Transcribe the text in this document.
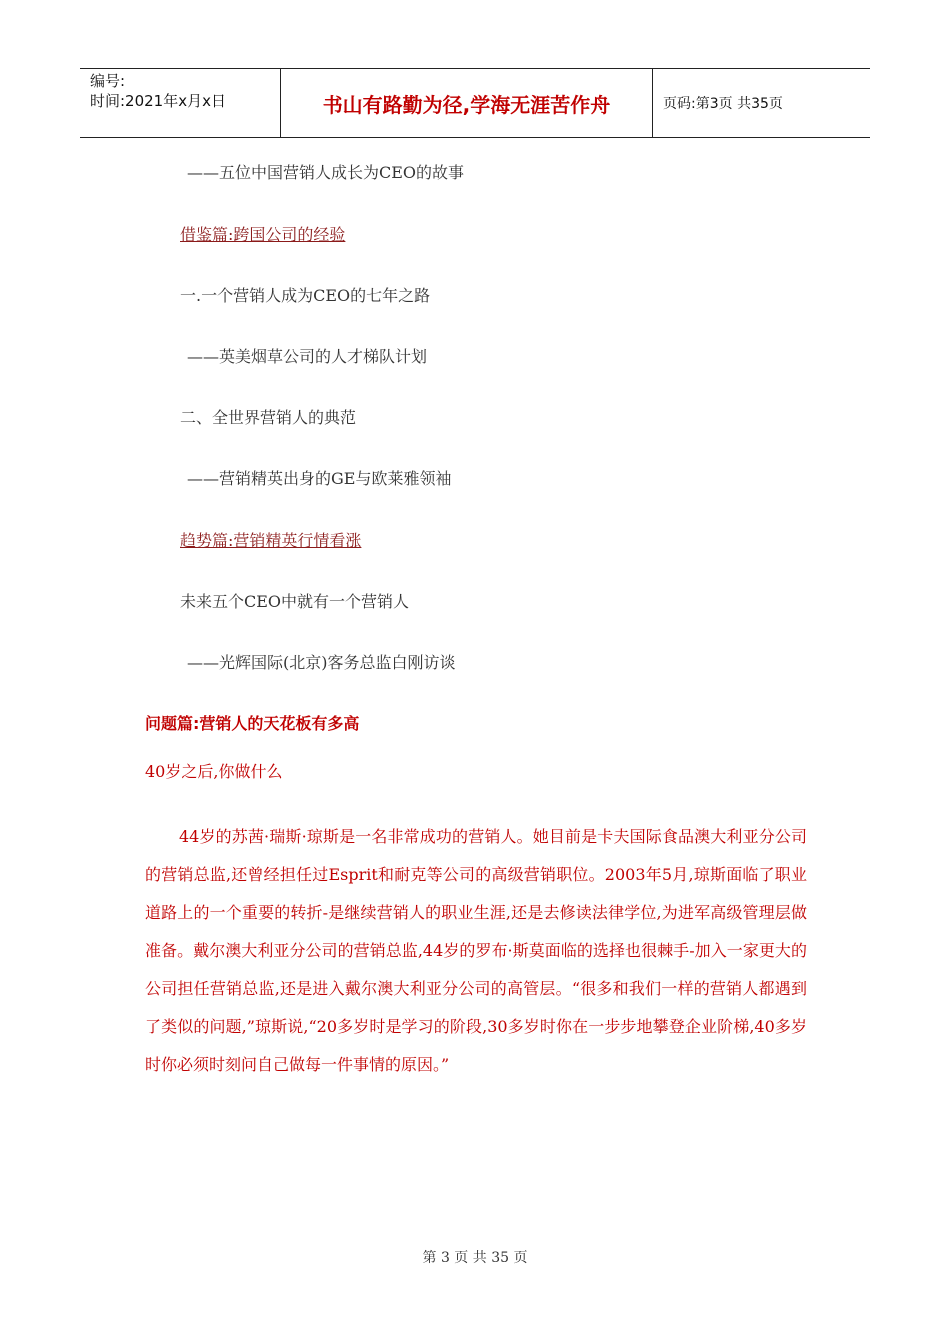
编号:
时间:2021年x月x日	书山有路勤为径,学海无涯苦作舟	页码:第3页 共35页
——五位中国营销人成长为CEO的故事
借鉴篇:跨国公司的经验
一.一个营销人成为CEO的七年之路
——英美烟草公司的人才梯队计划
二、全世界营销人的典范
——营销精英出身的GE与欧莱雅领袖
趋势篇:营销精英行情看涨
未来五个CEO中就有一个营销人
——光辉国际(北京)客务总监白刚访谈
问题篇:营销人的天花板有多高
40岁之后,你做什么
44岁的苏茜·瑞斯·琼斯是一名非常成功的营销人。她目前是卡夫国际食品澳大利亚分公司的营销总监,还曾经担任过Esprit和耐克等公司的高级营销职位。2003年5月,琼斯面临了职业道路上的一个重要的转折-是继续营销人的职业生涯,还是去修读法律学位,为进军高级管理层做准备。戴尔澳大利亚分公司的营销总监,44岁的罗布·斯莫面临的选择也很棘手-加入一家更大的公司担任营销总监,还是进入戴尔澳大利亚分公司的高管层。“很多和我们一样的营销人都遇到了类似的问题,”琼斯说,“20多岁时是学习的阶段,30多岁时你在一步步地攀登企业阶梯,40多岁时你必须时刻问自己做每一件事情的原因。”
第 3 页 共 35 页
